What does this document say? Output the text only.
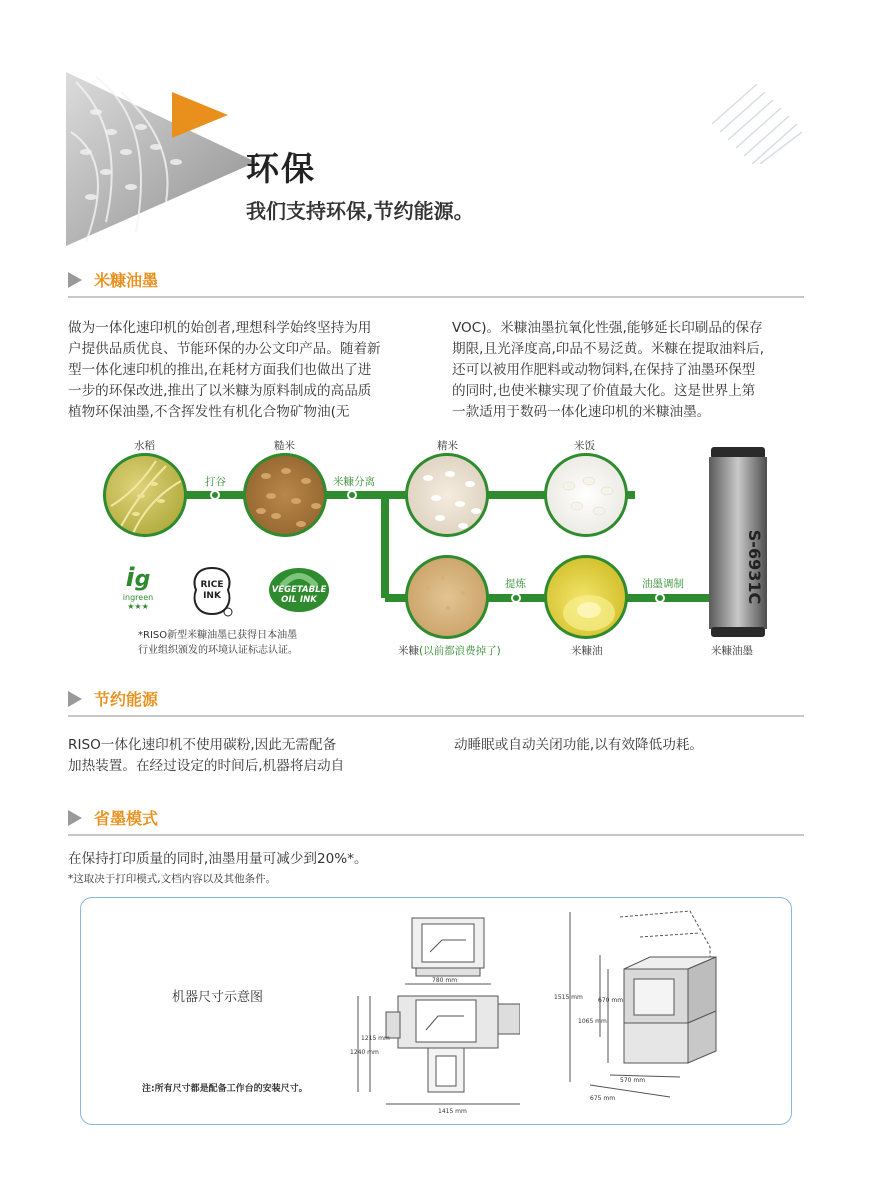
环保
我们支持环保,节约能源。
米糠油墨
做为一体化速印机的始创者,理想科学始终坚持为用
户提供品质优良、节能环保的办公文印产品。随着新
型一体化速印机的推出,在耗材方面我们也做出了进
一步的环保改进,推出了以米糠为原料制成的高品质
植物环保油墨,不含挥发性有机化合物矿物油(无
VOC)。米糠油墨抗氧化性强,能够延长印刷品的保存
期限,且光泽度高,印品不易泛黄。米糠在提取油料后,
还可以被用作肥料或动物饲料,在保持了油墨环保型
的同时,也使米糠实现了价值最大化。这是世界上第
一款适用于数码一体化速印机的米糠油墨。
水稻	糙米	精米	米饭
米糠(以前都浪费掉了)	米糠油	米糠油墨
打谷	米糠分离
提炼	油墨调制	S-6931C
ig
ingreen
★★★
RICE
INK
VEGETABLE
OIL INK
*RISO新型米糠油墨已获得日本油墨
行业组织颁发的环境认证标志认证。
节约能源
RISO一体化速印机不使用碳粉,因此无需配备
加热装置。在经过设定的时间后,机器将启动自
动睡眠或自动关闭功能,以有效降低功耗。
省墨模式
在保持打印质量的同时,油墨用量可减少到20%*。
*这取决于打印模式,文档内容以及其他条件。
机器尺寸示意图
注:所有尺寸都是配备工作台的安装尺寸。
780 mm
1215 mm
1240 mm
1415 mm
1515 mm	670 mm
1065 mm
570 mm
675 mm
